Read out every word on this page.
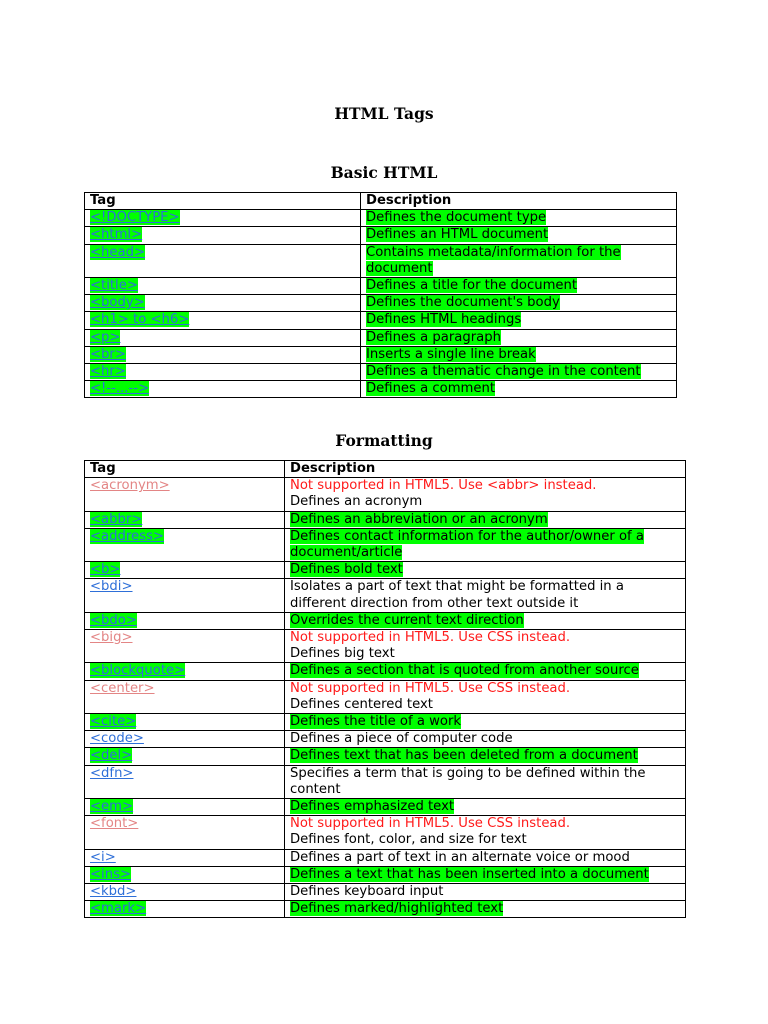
HTML Tags
Basic HTML
Tag	Description
<!DOCTYPE>	Defines the document type
<html>	Defines an HTML document
<head>	Contains metadata/information for the document
<title>	Defines a title for the document
<body>	Defines the document's body
<h1> to <h6>	Defines HTML headings
<p>	Defines a paragraph
<br>	Inserts a single line break
<hr>	Defines a thematic change in the content
<!--...-->	Defines a comment
Formatting
Tag	Description
<acronym>	Not supported in HTML5. Use <abbr> instead.
Defines an acronym
<abbr>	Defines an abbreviation or an acronym
<address>	Defines contact information for the author/owner of a document/article
<b>	Defines bold text
<bdi>	Isolates a part of text that might be formatted in a different direction from other text outside it
<bdo>	Overrides the current text direction
<big>	Not supported in HTML5. Use CSS instead.
Defines big text
<blockquote>	Defines a section that is quoted from another source
<center>	Not supported in HTML5. Use CSS instead.
Defines centered text
<cite>	Defines the title of a work
<code>	Defines a piece of computer code
<del>	Defines text that has been deleted from a document
<dfn>	Specifies a term that is going to be defined within the content
<em>	Defines emphasized text
<font>	Not supported in HTML5. Use CSS instead.
Defines font, color, and size for text
<i>	Defines a part of text in an alternate voice or mood
<ins>	Defines a text that has been inserted into a document
<kbd>	Defines keyboard input
<mark>	Defines marked/highlighted text
